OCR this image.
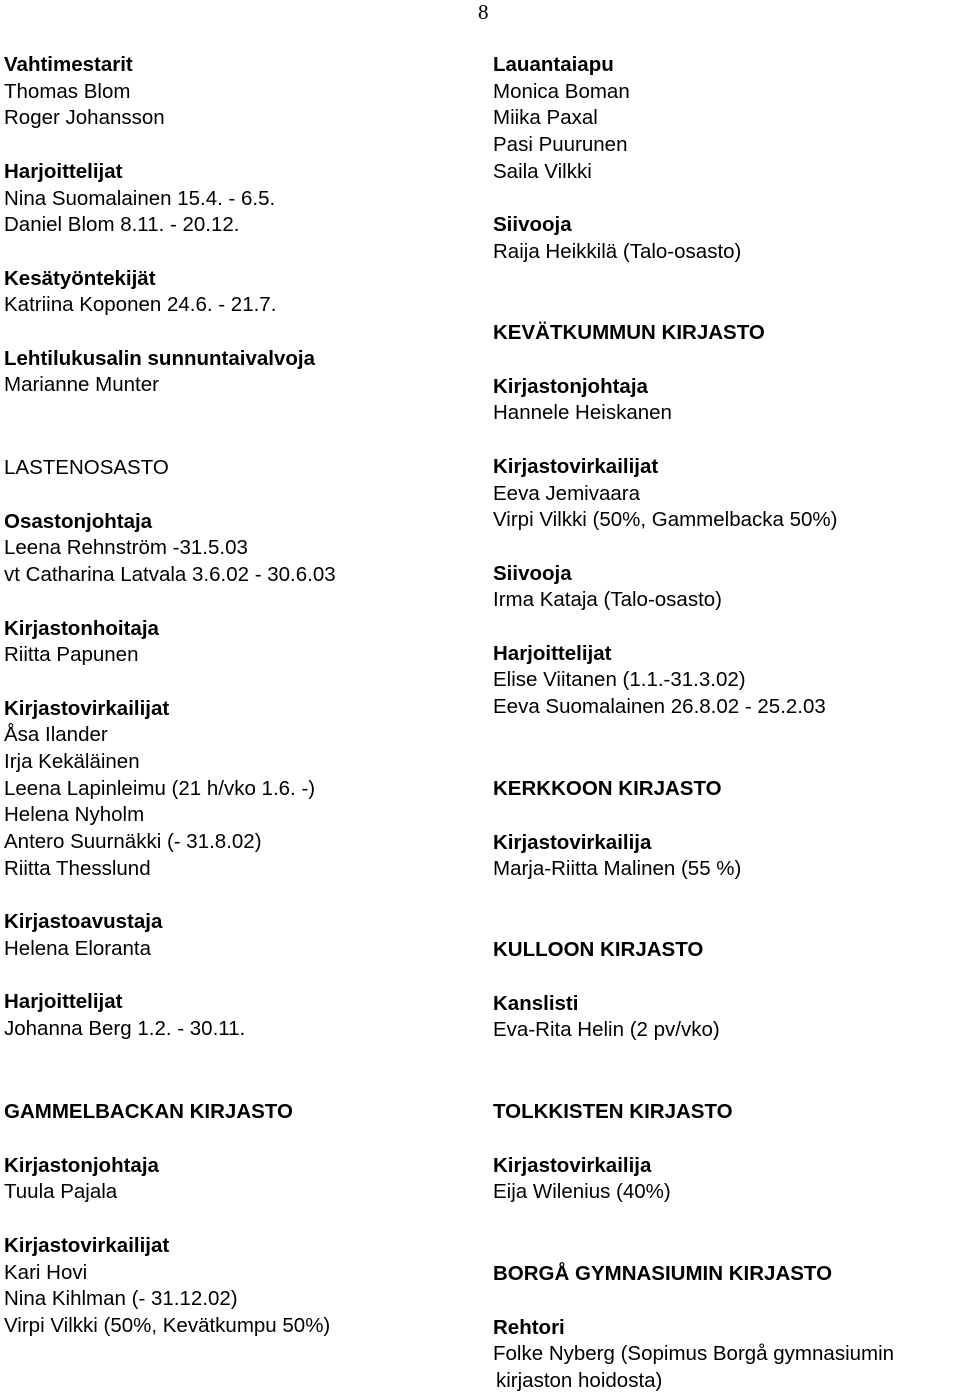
8
Vahtimestarit
Thomas Blom
Roger Johansson
Harjoittelijat
Nina Suomalainen 15.4. - 6.5.
Daniel Blom 8.11. - 20.12.
Kesätyöntekijät
Katriina Koponen 24.6. - 21.7.
Lehtilukusalin sunnuntaivalvoja
Marianne Munter
LASTENOSASTO
Osastonjohtaja
Leena Rehnström -31.5.03
vt Catharina Latvala 3.6.02 - 30.6.03
Kirjastonhoitaja
Riitta Papunen
Kirjastovirkailijat
Åsa Ilander
Irja Kekäläinen
Leena Lapinleimu (21 h/vko 1.6. -)
Helena Nyholm
Antero Suurnäkki (- 31.8.02)
Riitta Thesslund
Kirjastoavustaja
Helena Eloranta
Harjoittelijat
Johanna Berg 1.2. - 30.11.
GAMMELBACKAN KIRJASTO
Kirjastonjohtaja
Tuula Pajala
Kirjastovirkailijat
Kari Hovi
Nina Kihlman (- 31.12.02)
Virpi Vilkki (50%, Kevätkumpu 50%)
Lauantaiapu
Monica Boman
Miika Paxal
Pasi Puurunen
Saila Vilkki
Siivooja
Raija Heikkilä (Talo-osasto)
KEVÄTKUMMUN KIRJASTO
Kirjastonjohtaja
Hannele Heiskanen
Kirjastovirkailijat
Eeva Jemivaara
Virpi Vilkki (50%, Gammelbacka 50%)
Siivooja
Irma Kataja (Talo-osasto)
Harjoittelijat
Elise Viitanen (1.1.-31.3.02)
Eeva Suomalainen 26.8.02 - 25.2.03
KERKKOON KIRJASTO
Kirjastovirkailija
Marja-Riitta Malinen (55 %)
KULLOON KIRJASTO
Kanslisti
Eva-Rita Helin (2 pv/vko)
TOLKKISTEN KIRJASTO
Kirjastovirkailija
Eija Wilenius (40%)
BORGÅ GYMNASIUMIN KIRJASTO
Rehtori
Folke Nyberg (Sopimus Borgå gymnasiumin
kirjaston hoidosta)
